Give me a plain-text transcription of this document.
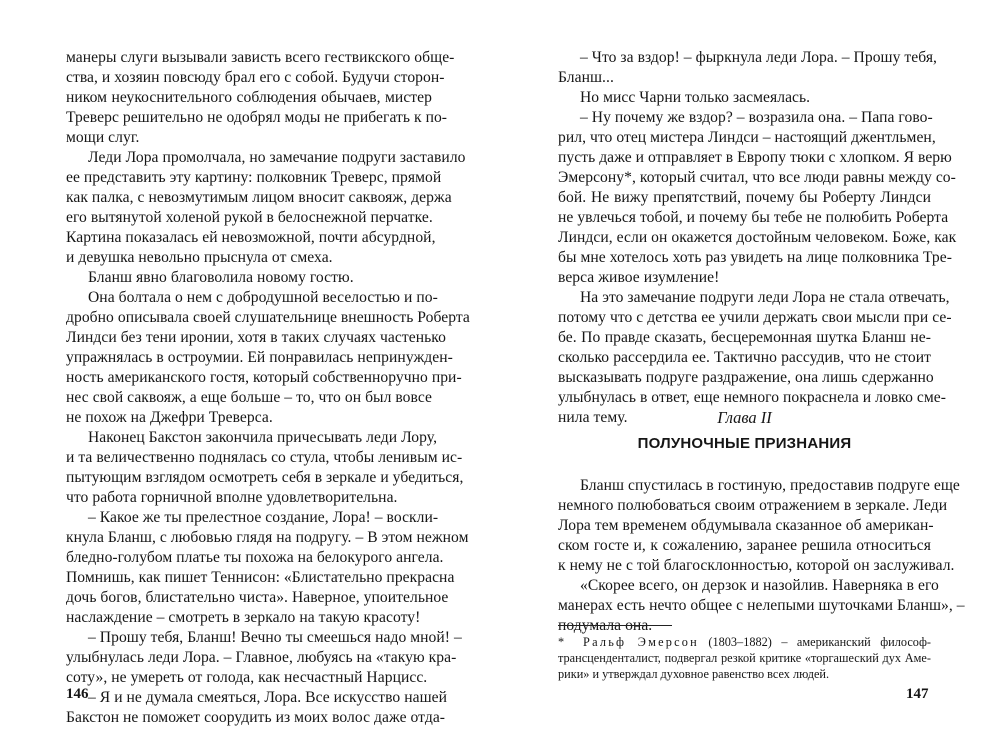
манеры слуги вызывали зависть всего гествикского обще-
ства, и хозяин повсюду брал его с собой. Будучи сторон-
ником неукоснительного соблюдения обычаев, мистер
Треверс решительно не одобрял моды не прибегать к по-
мощи слуг.
Леди Лора промолчала, но замечание подруги заставило
ее представить эту картину: полковник Треверс, прямой
как палка, с невозмутимым лицом вносит саквояж, держа
его вытянутой холеной рукой в белоснежной перчатке.
Картина показалась ей невозможной, почти абсурдной,
и девушка невольно прыснула от смеха.
Бланш явно благоволила новому гостю.
Она болтала о нем с добродушной веселостью и по-
дробно описывала своей слушательнице внешность Роберта
Линдси без тени иронии, хотя в таких случаях частенько
упражнялась в остроумии. Ей понравилась непринужден-
ность американского гостя, который собственноручно при-
нес свой саквояж, а еще больше – то, что он был вовсе
не похож на Джефри Треверса.
Наконец Бакстон закончила причесывать леди Лору,
и та величественно поднялась со стула, чтобы ленивым ис-
пытующим взглядом осмотреть себя в зеркале и убедиться,
что работа горничной вполне удовлетворительна.
– Какое же ты прелестное создание, Лора! – воскли-
кнула Бланш, с любовью глядя на подругу. – В этом нежном
бледно-голубом платье ты похожа на белокурого ангела.
Помнишь, как пишет Теннисон: «Блистательно прекрасна
дочь богов, блистательно чиста». Наверное, упоительное
наслаждение – смотреть в зеркало на такую красоту!
– Прошу тебя, Бланш! Вечно ты смеешься надо мной! –
улыбнулась леди Лора. – Главное, любуясь на «такую кра-
соту», не умереть от голода, как несчастный Нарцисс.
– Я и не думала смеяться, Лора. Все искусство нашей
Бакстон не поможет соорудить из моих волос даже отда-
– Что за вздор! – фыркнула леди Лора. – Прошу тебя,
Бланш...
Но мисс Чарни только засмеялась.
– Ну почему же вздор? – возразила она. – Папа гово-
рил, что отец мистера Линдси – настоящий джентльмен,
пусть даже и отправляет в Европу тюки с хлопком. Я верю
Эмерсону*, который считал, что все люди равны между со-
бой. Не вижу препятствий, почему бы Роберту Линдси
не увлечься тобой, и почему бы тебе не полюбить Роберта
Линдси, если он окажется достойным человеком. Боже, как
бы мне хотелось хоть раз увидеть на лице полковника Тре-
верса живое изумление!
На это замечание подруги леди Лора не стала отвечать,
потому что с детства ее учили держать свои мысли при се-
бе. По правде сказать, бесцеремонная шутка Бланш не-
сколько рассердила ее. Тактично рассудив, что не стоит
высказывать подруге раздражение, она лишь сдержанно
улыбнулась в ответ, еще немного покраснела и ловко сме-
нила тему.	Глава II
ПОЛУНОЧНЫЕ ПРИЗНАНИЯ
Бланш спустилась в гостиную, предоставив подруге еще
немного полюбоваться своим отражением в зеркале. Леди
Лора тем временем обдумывала сказанное об американ-
ском госте и, к сожалению, заранее решила относиться
к нему не с той благосклонностью, которой он заслуживал.
«Скорее всего, он дерзок и назойлив. Наверняка в его
манерах есть нечто общее с нелепыми шуточками Бланш», –
подумала она.
* Ральф Эмерсон (1803–1882) – американский философ-
трансценденталист, подвергал резкой критике «торгашеский дух Аме-
рики» и утверждал духовное равенство всех людей.
146	147
